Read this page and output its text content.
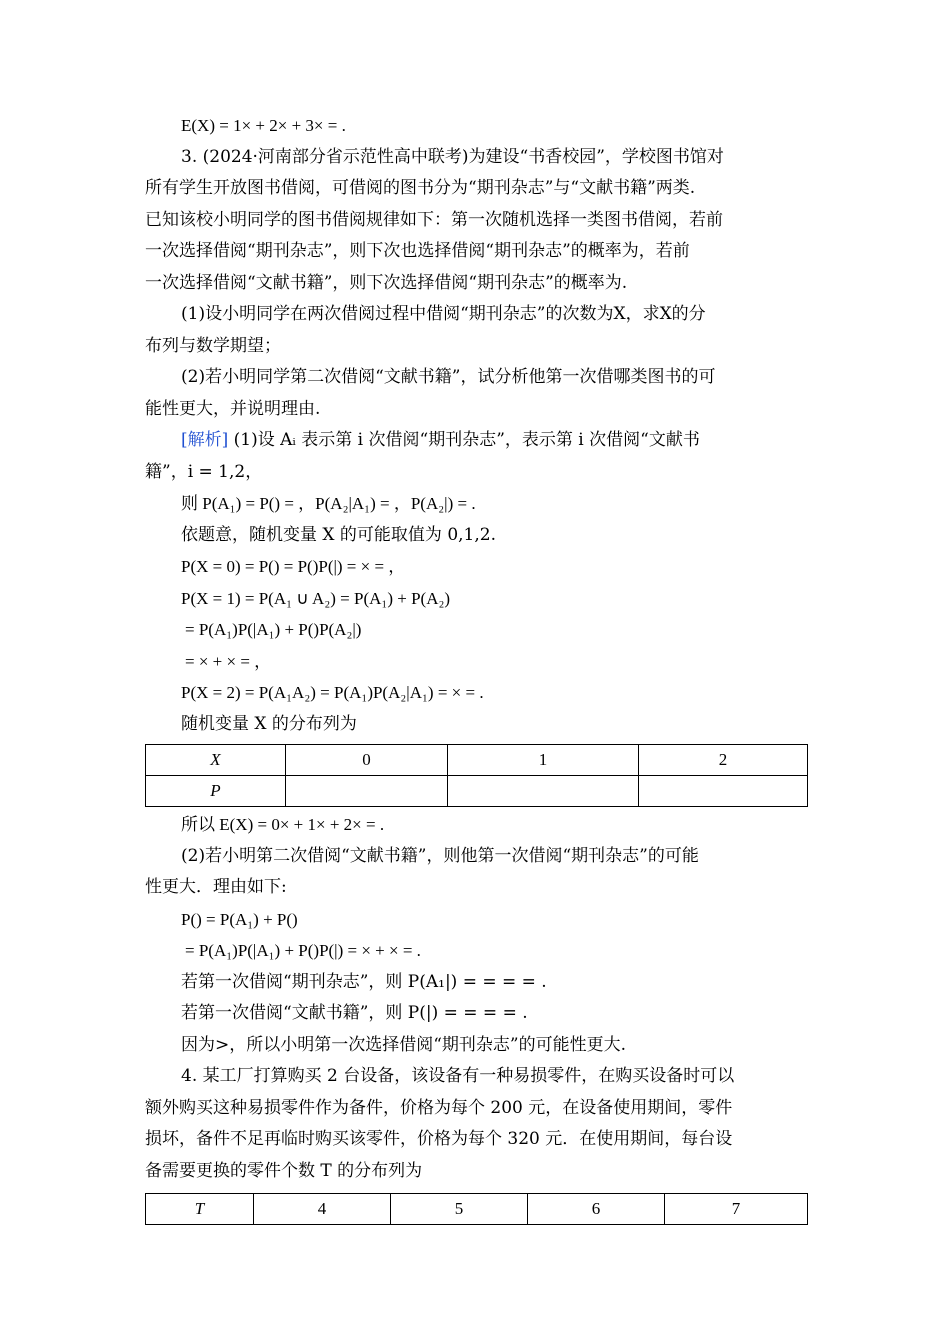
E(X) = 1× + 2× + 3× = .
3. (2024·河南部分省示范性高中联考)为建设“书香校园”，学校图书馆对
所有学生开放图书借阅，可借阅的图书分为“期刊杂志”与“文献书籍”两类.
已知该校小明同学的图书借阅规律如下：第一次随机选择一类图书借阅，若前
一次选择借阅“期刊杂志”，则下次也选择借阅“期刊杂志”的概率为，若前
一次选择借阅“文献书籍”，则下次选择借阅“期刊杂志”的概率为.
(1)设小明同学在两次借阅过程中借阅“期刊杂志”的次数为X，求X的分
布列与数学期望；
(2)若小明同学第二次借阅“文献书籍”，试分析他第一次借哪类图书的可
能性更大，并说明理由.
[解析] (1)设 Aᵢ 表示第 i 次借阅“期刊杂志”，表示第 i 次借阅“文献书
籍”，i = 1,2，
则 P(A₁) = P() = ，P(A₂|A₁) = ，P(A₂|) = .
依题意，随机变量 X 的可能取值为 0,1,2.
P(X = 0) = P() = P()P(|) = × = ，
P(X = 1) = P(A₁ ∪ A₂) = P(A₁) + P(A₂)
= P(A₁)P(|A₁) + P()P(A₂|)
= × + × = ，
P(X = 2) = P(A₁A₂) = P(A₁)P(A₂|A₁) = × = .
随机变量 X 的分布列为
X	0	1	2
P			
所以 E(X) = 0× + 1× + 2× = .
(2)若小明第二次借阅“文献书籍”，则他第一次借阅“期刊杂志”的可能
性更大．理由如下:
P() = P(A₁) + P()
= P(A₁)P(|A₁) + P()P(|) = × + × = .
若第一次借阅“期刊杂志”，则 P(A₁|) = = = = .
若第一次借阅“文献书籍”，则 P(|) = = = = .
因为>，所以小明第一次选择借阅“期刊杂志”的可能性更大.
4. 某工厂打算购买 2 台设备，该设备有一种易损零件，在购买设备时可以
额外购买这种易损零件作为备件，价格为每个 200 元，在设备使用期间，零件
损坏，备件不足再临时购买该零件，价格为每个 320 元．在使用期间，每台设
备需要更换的零件个数 T 的分布列为
T	4	5	6	7
